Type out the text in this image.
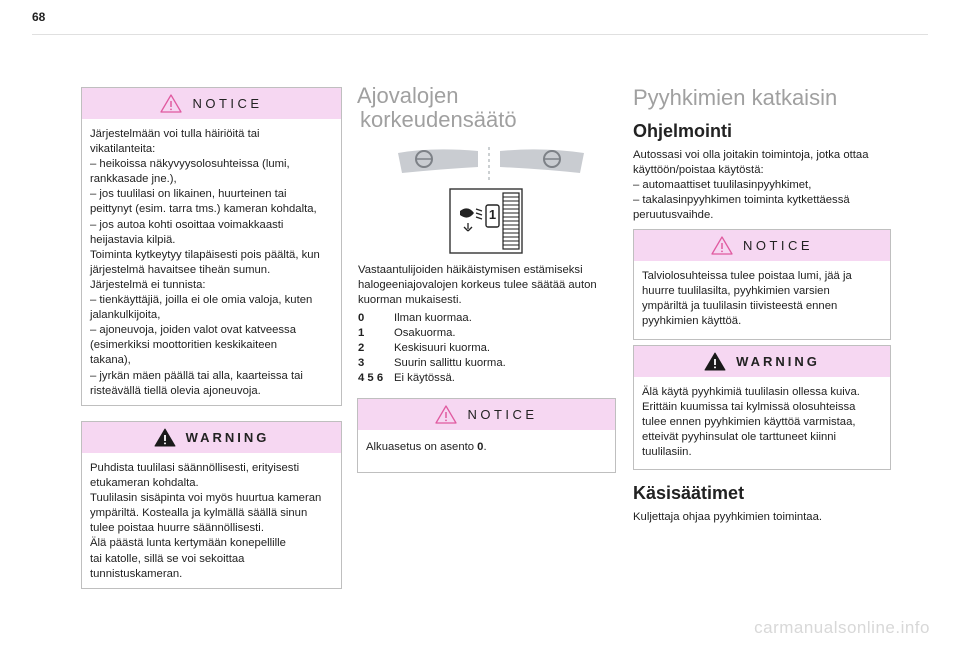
68
NOTICE

Järjestelmään voi tulla häiriöitä tai

vikatilanteita:

– heikoissa näkyvyysolosuhteissa (lumi,

rankkasade jne.),

– jos tuulilasi on likainen, huurteinen tai

peittynyt (esim. tarra tms.) kameran kohdalta,

– jos autoa kohti osoittaa voimakkaasti

heijastavia kilpiä.

Toiminta kytkeytyy tilapäisesti pois päältä, kun

järjestelmä havaitsee tiheän sumun.

Järjestelmä ei tunnista:

– tienkäyttäjiä, joilla ei ole omia valoja, kuten

jalankulkijoita,

– ajoneuvoja, joiden valot ovat katveessa

(esimerkiksi moottoritien keskikaiteen

takana),

– jyrkän mäen päällä tai alla, kaarteissa tai

risteävällä tiellä olevia ajoneuvoja.

WARNING

Puhdista tuulilasi säännöllisesti, erityisesti

etukameran kohdalta.

Tuulilasin sisäpinta voi myös huurtua kameran

ympäriltä. Kostealla ja kylmällä säällä sinun

tulee poistaa huurre säännöllisesti.

Älä päästä lunta kertymään konepellille

tai katolle, sillä se voi sekoittaa

tunnistuskameran.

Ajovalojen
korkeudensäätö
1

Vastaantulijoiden häikäistymisen estämiseksi

halogeeniajovalojen korkeus tulee säätää auton

kuorman mukaisesti.

0	Ilman kuormaa.
1	Osakuorma.
2	Keskisuuri kuorma.
3	Suurin sallittu kuorma.
4 5 6 Ei käytössä.
NOTICE

Alkuasetus on asento 0.

Pyyhkimien katkaisin
Ohjelmointi

Autossasi voi olla joitakin toimintoja, jotka ottaa

käyttöön/poistaa käytöstä:

– automaattiset tuulilasinpyyhkimet,

– takalasinpyyhkimen toiminta kytkettäessä

peruutusvaihde.

NOTICE

Talviolosuhteissa tulee poistaa lumi, jää ja

huurre tuulilasilta, pyyhkimien varsien

ympäriltä ja tuulilasin tiivisteestä ennen

pyyhkimien käyttöä.

WARNING

Älä käytä pyyhkimiä tuulilasin ollessa kuiva.

Erittäin kuumissa tai kylmissä olosuhteissa

tulee ennen pyyhkimien käyttöä varmistaa,

etteivät pyyhinsulat ole tarttuneet kiinni

tuulilasiin.

Käsisäätimet
Kuljettaja ohjaa pyyhkimien toimintaa.
carmanualsonline.info
